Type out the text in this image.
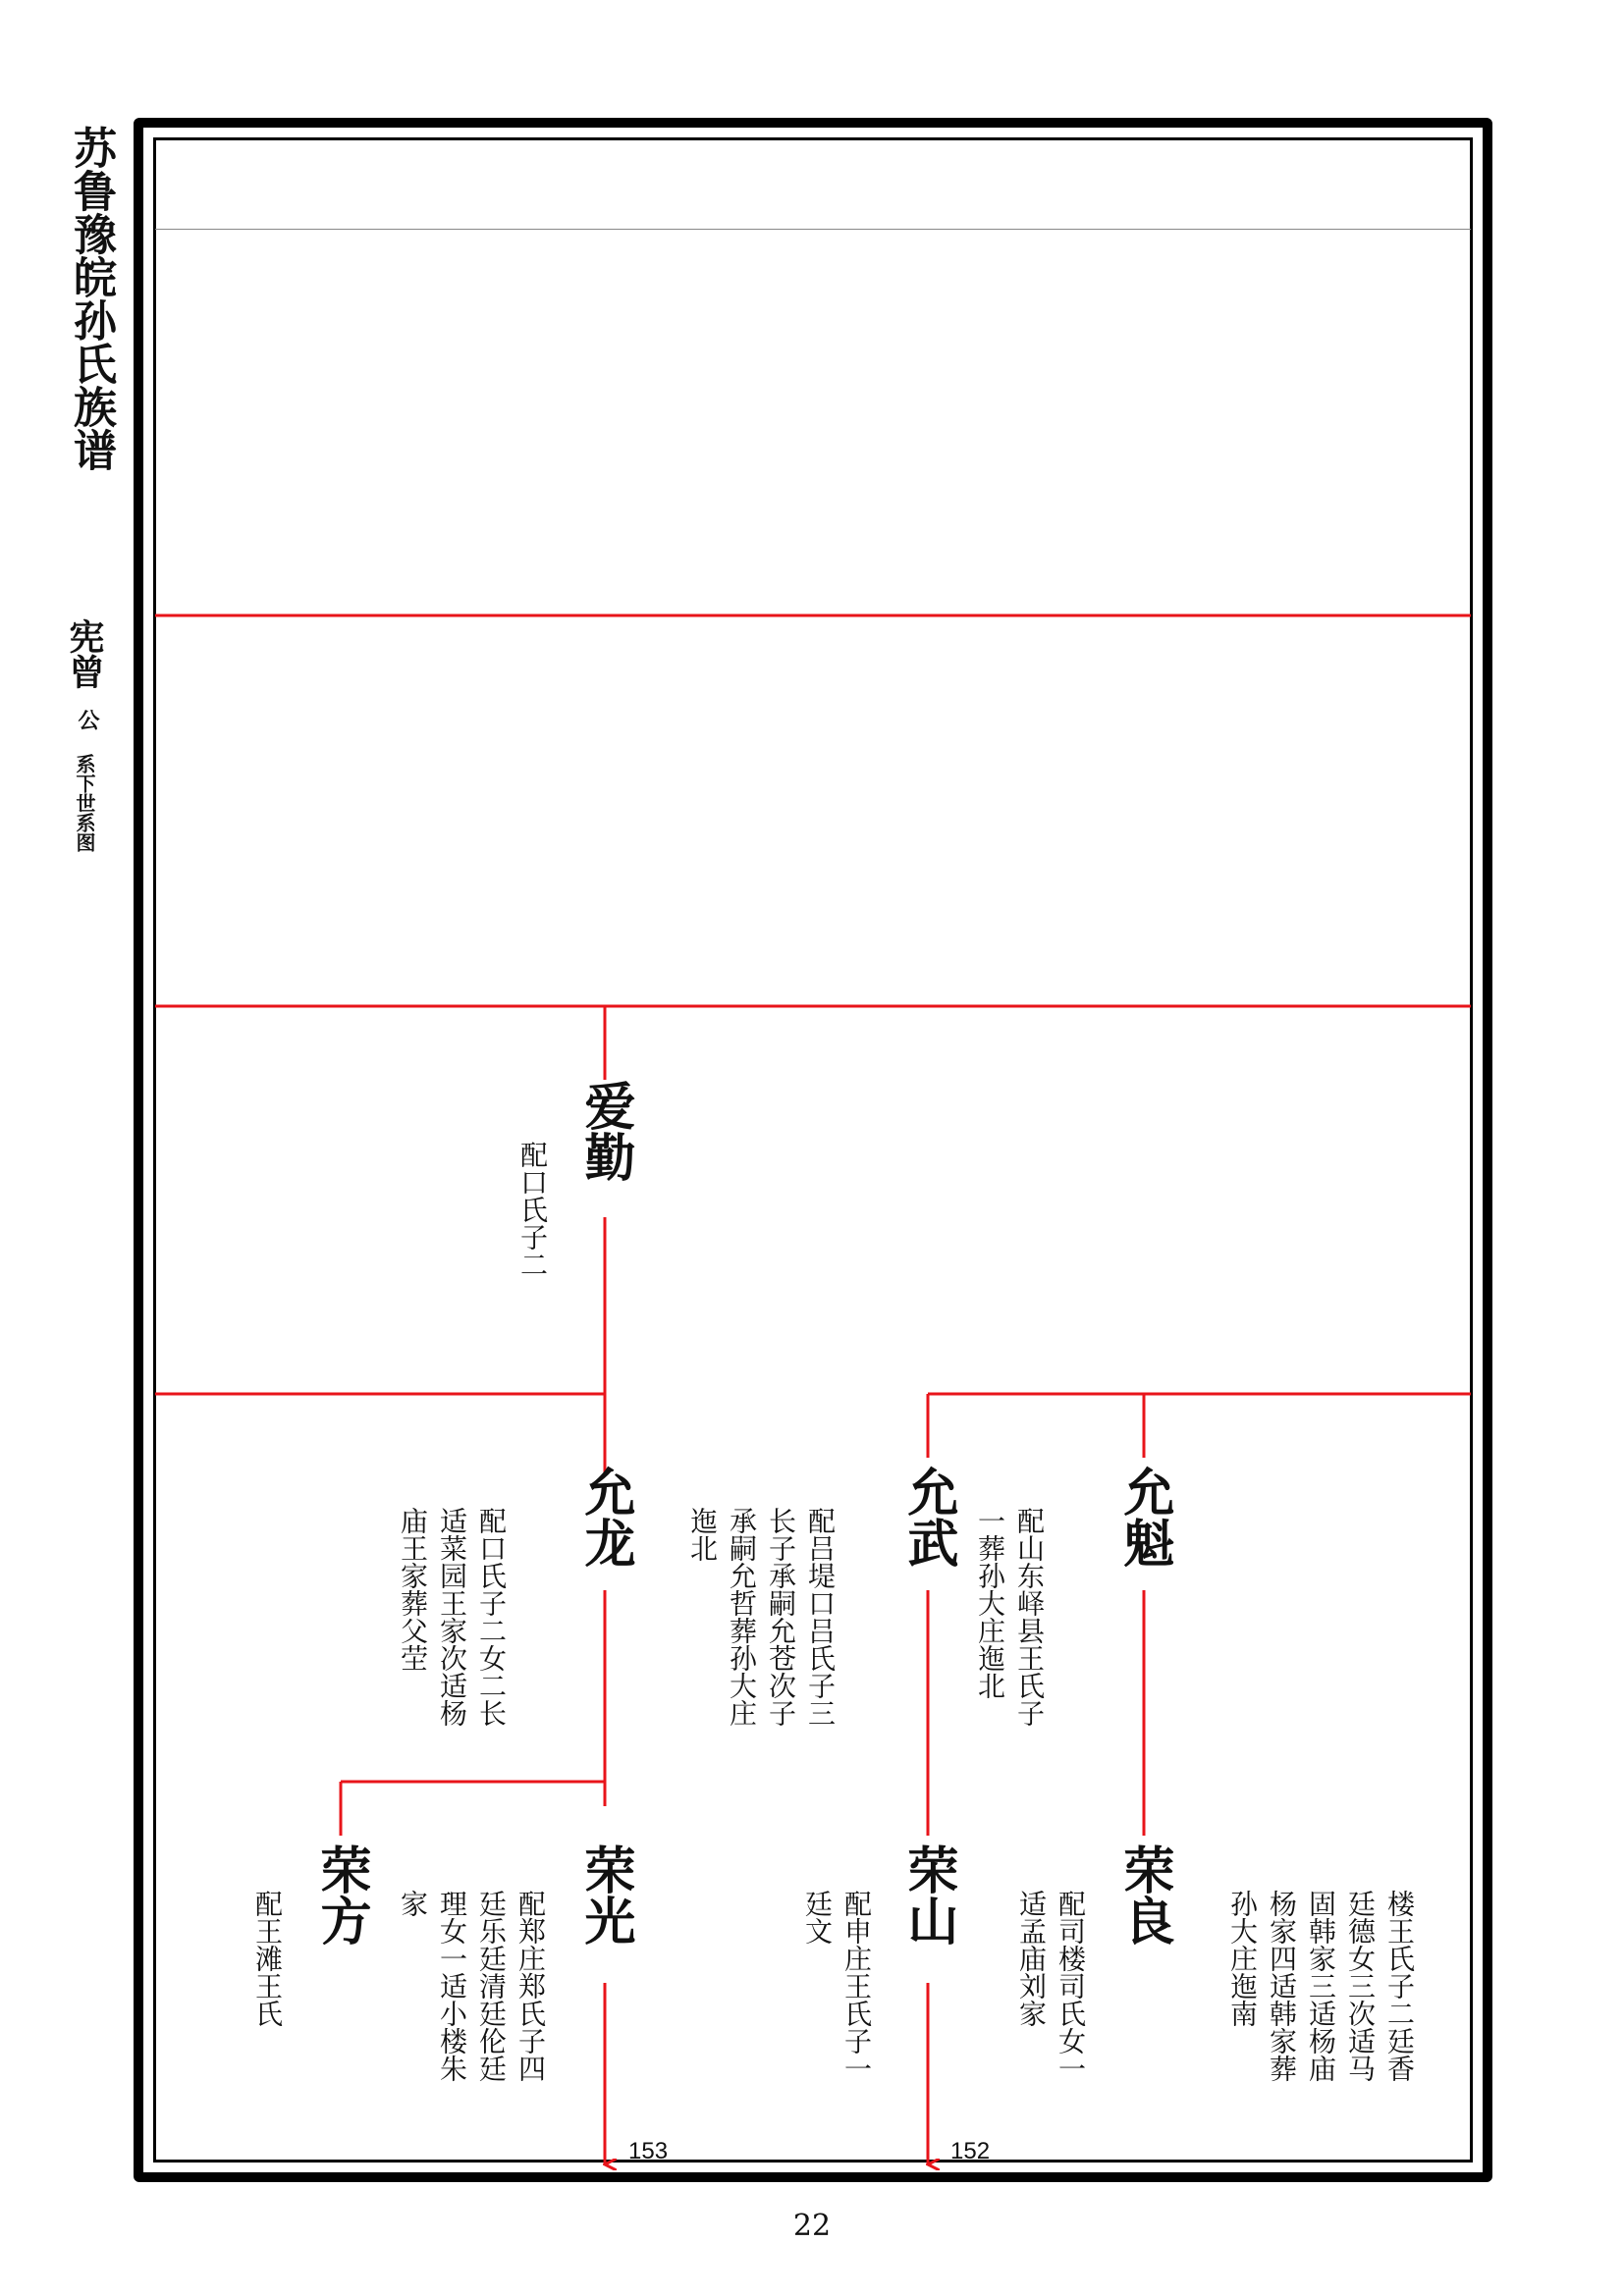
苏鲁豫皖孙氏族谱
宪曾
公
系下世系图
爱勤
配口氏子二
允龙
配口氏子二女二长适菜园王家次适杨庙王家葬父茔	允武
配吕堤口吕氏子三长子承嗣允苍次子承嗣允哲葬孙大庄迤北	允魁
配山东峄县王氏子一葬孙大庄迤北
荣方
配王滩王氏	荣光
配郑庄郑氏子四廷乐廷清廷伦廷理女一适小楼朱家	荣山
配申庄王氏子一廷文	荣良
配司楼司氏女一适孟庙刘家	楼王氏子二廷香廷德女三次适马固韩家三适杨庙杨家四适韩家葬孙大庄迤南
153	152
22
